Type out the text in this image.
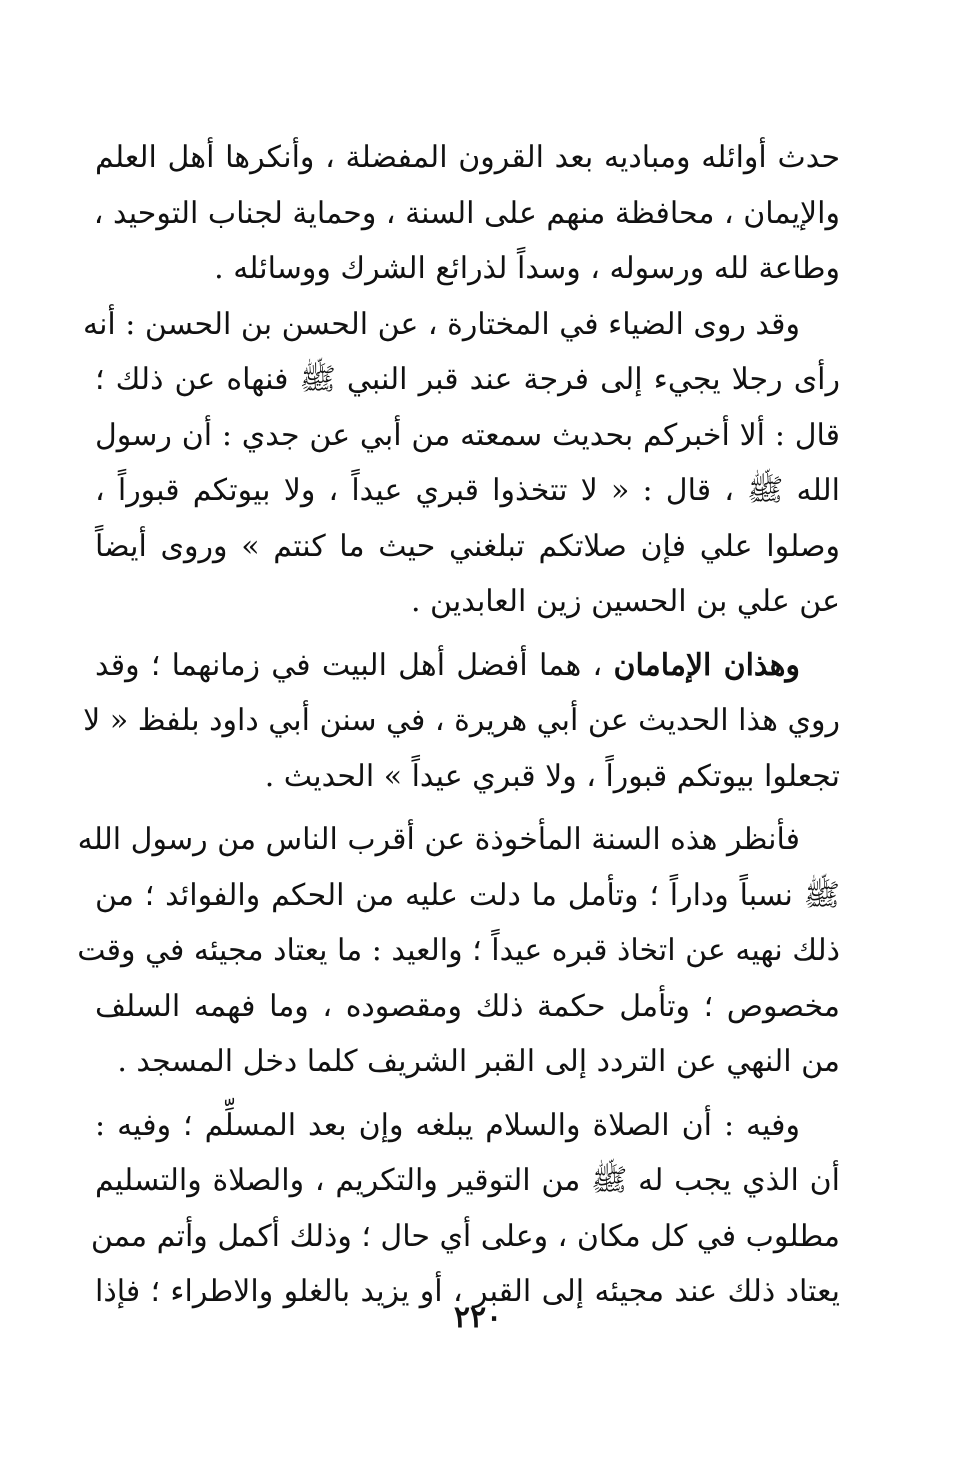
حدث أوائله ومباديه بعد القرون المفضلة ، وأنكرها أهل العلم
والإيمان ، محافظة منهم على السنة ، وحماية لجناب التوحيد ،
وطاعة لله ورسوله ، وسداً لذرائع الشرك ووسائله .

وقد روى الضياء في المختارة ، عن الحسن بن الحسن : أنه
رأى رجلا يجيء إلى فرجة عند قبر النبي ﷺ فنهاه عن ذلك ؛
قال : ألا أخبركم بحديث سمعته من أبي عن جدي : أن رسول
الله ﷺ ، قال : « لا تتخذوا قبري عيداً ، ولا بيوتكم قبوراً ،
وصلوا علي فإن صلاتكم تبلغني حيث ما كنتم » وروى أيضاً
عن علي بن الحسين زين العابدين .

وهذان الإمامان ، هما أفضل أهل البيت في زمانهما ؛ وقد
روي هذا الحديث عن أبي هريرة ، في سنن أبي داود بلفظ « لا
تجعلوا بيوتكم قبوراً ، ولا قبري عيداً » الحديث .

فأنظر هذه السنة المأخوذة عن أقرب الناس من رسول الله
ﷺ نسباً وداراً ؛ وتأمل ما دلت عليه من الحكم والفوائد ؛ من
ذلك نهيه عن اتخاذ قبره عيداً ؛ والعيد : ما يعتاد مجيئه في وقت
مخصوص ؛ وتأمل حكمة ذلك ومقصوده ، وما فهمه السلف
من النهي عن التردد إلى القبر الشريف كلما دخل المسجد .

وفيه : أن الصلاة والسلام يبلغه وإن بعد المسلِّم ؛ وفيه :
أن الذي يجب له ﷺ من التوقير والتكريم ، والصلاة والتسليم
مطلوب في كل مكان ، وعلى أي حال ؛ وذلك أكمل وأتم ممن
يعتاد ذلك عند مجيئه إلى القبر ، أو يزيد بالغلو والاطراء ؛ فإذا

٢٢٠
